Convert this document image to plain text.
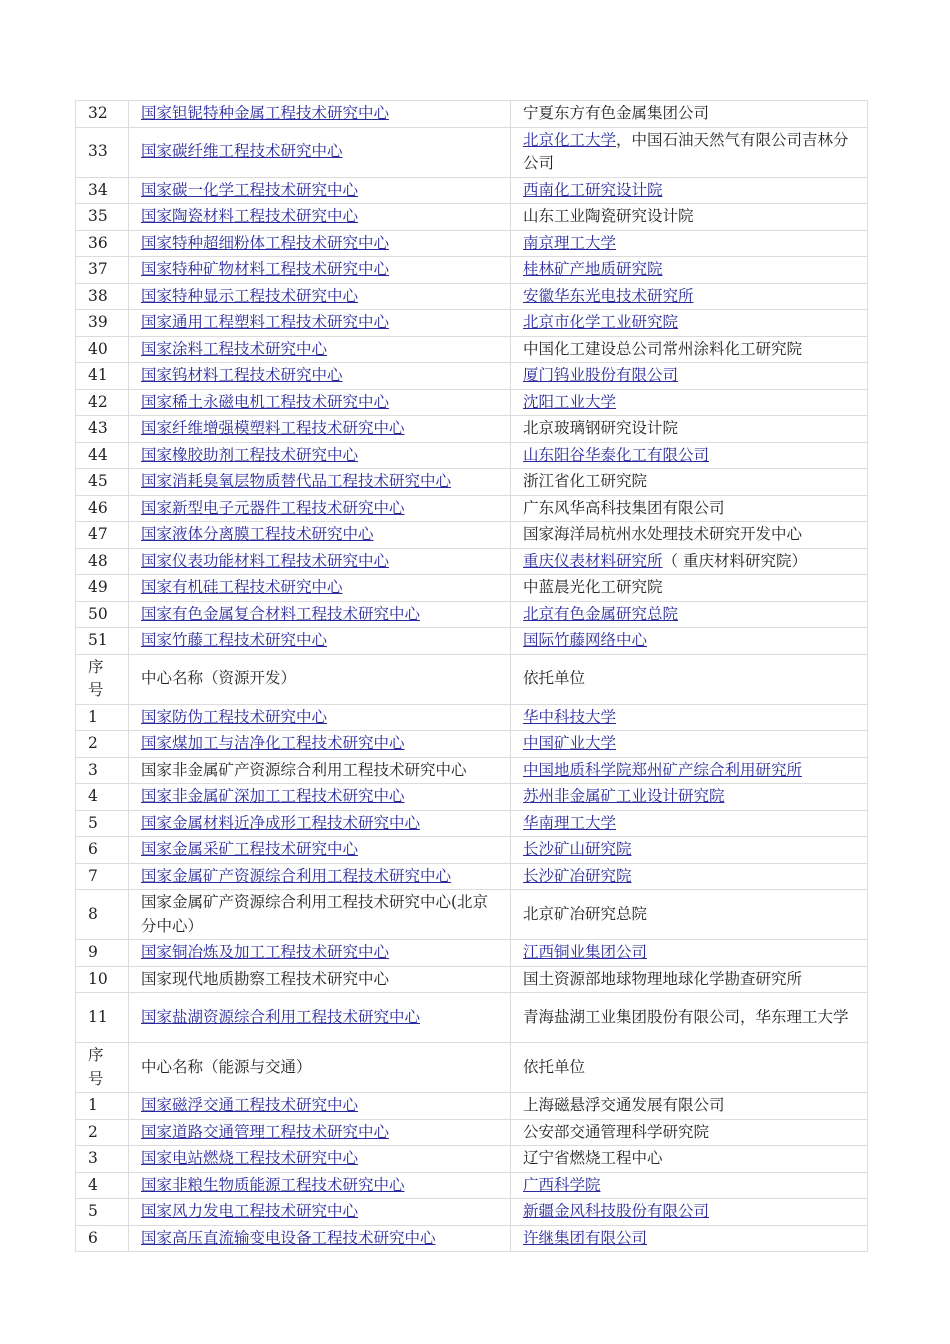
32	国家钽铌特种金属工程技术研究中心	宁夏东方有色金属集团公司
33	国家碳纤维工程技术研究中心	北京化工大学，中国石油天然气有限公司吉林分公司
34	国家碳一化学工程技术研究中心	西南化工研究设计院
35	国家陶瓷材料工程技术研究中心	山东工业陶瓷研究设计院
36	国家特种超细粉体工程技术研究中心	南京理工大学
37	国家特种矿物材料工程技术研究中心	桂林矿产地质研究院
38	国家特种显示工程技术研究中心	安徽华东光电技术研究所
39	国家通用工程塑料工程技术研究中心	北京市化学工业研究院
40	国家涂料工程技术研究中心	中国化工建设总公司常州涂料化工研究院
41	国家钨材料工程技术研究中心	厦门钨业股份有限公司
42	国家稀土永磁电机工程技术研究中心	沈阳工业大学
43	国家纤维增强模塑料工程技术研究中心	北京玻璃钢研究设计院
44	国家橡胶助剂工程技术研究中心	山东阳谷华泰化工有限公司
45	国家消耗臭氧层物质替代品工程技术研究中心	浙江省化工研究院
46	国家新型电子元器件工程技术研究中心	广东风华高科技集团有限公司
47	国家液体分离膜工程技术研究中心	国家海洋局杭州水处理技术研究开发中心
48	国家仪表功能材料工程技术研究中心	重庆仪表材料研究所（ 重庆材料研究院）
49	国家有机硅工程技术研究中心	中蓝晨光化工研究院
50	国家有色金属复合材料工程技术研究中心	北京有色金属研究总院
51	国家竹藤工程技术研究中心	国际竹藤网络中心
序号	中心名称（资源开发）	依托单位
1	国家防伪工程技术研究中心	华中科技大学
2	国家煤加工与洁净化工程技术研究中心	中国矿业大学
3	国家非金属矿产资源综合利用工程技术研究中心	中国地质科学院郑州矿产综合利用研究所
4	国家非金属矿深加工工程技术研究中心	苏州非金属矿工业设计研究院
5	国家金属材料近净成形工程技术研究中心	华南理工大学
6	国家金属采矿工程技术研究中心	长沙矿山研究院
7	国家金属矿产资源综合利用工程技术研究中心	长沙矿冶研究院
8	国家金属矿产资源综合利用工程技术研究中心(北京分中心）	北京矿冶研究总院
9	国家铜冶炼及加工工程技术研究中心	江西铜业集团公司
10	国家现代地质勘察工程技术研究中心	国土资源部地球物理地球化学勘查研究所
11	国家盐湖资源综合利用工程技术研究中心	青海盐湖工业集团股份有限公司，华东理工大学
序号	中心名称（能源与交通）	依托单位
1	国家磁浮交通工程技术研究中心	上海磁悬浮交通发展有限公司
2	国家道路交通管理工程技术研究中心	公安部交通管理科学研究院
3	国家电站燃烧工程技术研究中心	辽宁省燃烧工程中心
4	国家非粮生物质能源工程技术研究中心	广西科学院
5	国家风力发电工程技术研究中心	新疆金风科技股份有限公司
6	国家高压直流输变电设备工程技术研究中心	许继集团有限公司
